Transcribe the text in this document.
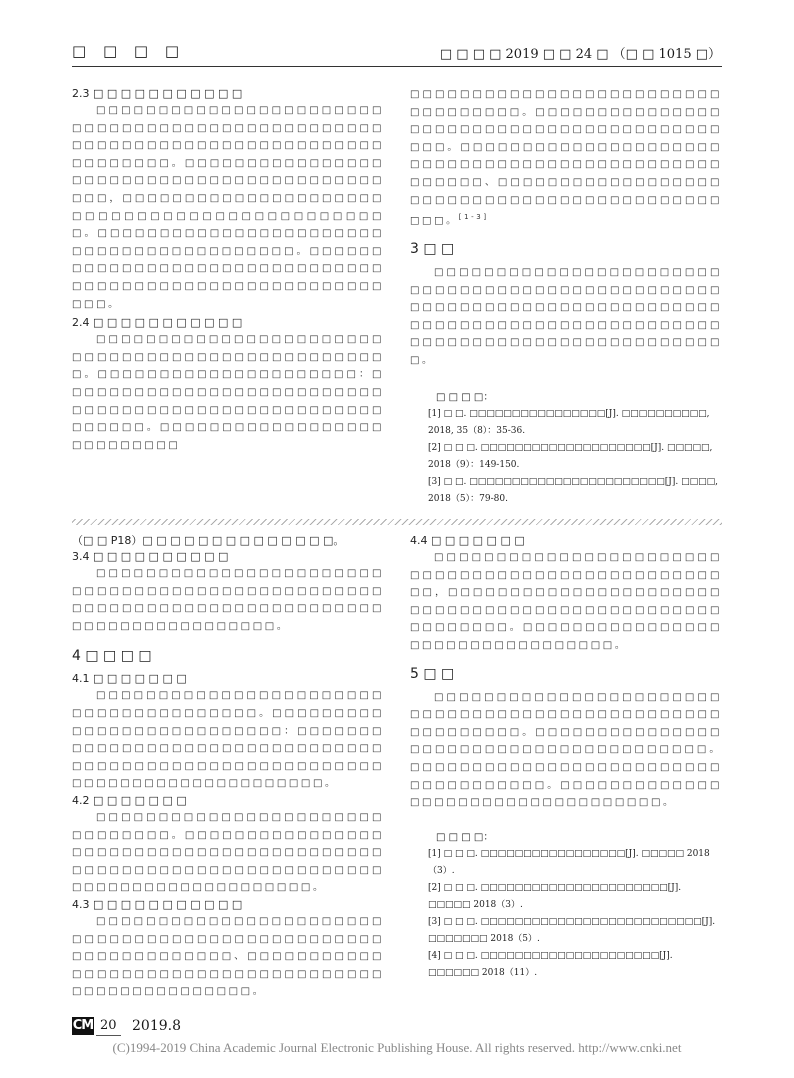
□ □ □ □	□ □ □ □ 2019 □ □ 24 □ （□ □ 1015 □）
2.3 □ □ □ □ □ □ □ □ □ □ □

□□□□□□□□□□□□□□□□□□□□□□□□□□□□□□□□□□□□□□□□□□□□□□□□□□□□□□□□□□□□□□□□□□□□□□□□□□□□□□□□□。□□□□□□□□□□□□□□□□□□□□□□□□□□□□□□□□□□□□□□□□□□□□，□□□□□□□□□□□□□□□□□□□□□□□□□□□□□□□□□□□□□□□□□□□□□□。□□□□□□□□□□□□□□□□□□□□□□□□□□□□□□□□□□□□□□□□□。□□□□□□□□□□□□□□□□□□□□□□□□□□□□□□□□□□□□□□□□□□□□□□□□□□□□□□□□□□□。

2.4 □ □ □ □ □ □ □ □ □ □ □

□□□□□□□□□□□□□□□□□□□□□□□□□□□□□□□□□□□□□□□□□□□□□□□□□。□□□□□□□□□□□□□□□□□□□□□：□□□□□□□□□□□□□□□□□□□□□□□□□□□□□□□□□□□□□□□□□□□□□□□□□□□□□□□□□。□□□□□□□□□□□□□□□□□□□□□□□□□□□

□□□□□□□□□□□□□□□□□□□□□□□□□□□□□□□□□□。□□□□□□□□□□□□□□□□□□□□□□□□□□□□□□□□□□□□□□□□□□□。□□□□□□□□□□□□□□□□□□□□□□□□□□□□□□□□□□□□□□□□□□□□□□□□□□□□、□□□□□□□□□□□□□□□□□□□□□□□□□□□□□□□□□□□□□□□□□□□□□□。[1-3]

3 □ □

□□□□□□□□□□□□□□□□□□□□□□□□□□□□□□□□□□□□□□□□□□□□□□□□□□□□□□□□□□□□□□□□□□□□□□□□□□□□□□□□□□□□□□□□□□□□□□□□□□□□□□□□□□□□□□□□□□□□□□□□□□□□。

□ □ □ □：
[1] □ □. □□□□□□□□□□□□□□□□[J]. □□□□□□□□□□, 2018, 35（8）：35-36.
[2] □ □ □. □□□□□□□□□□□□□□□□□□□□[J]. □□□□□, 2018（9）：149-150.
[3] □ □. □□□□□□□□□□□□□□□□□□□□□□□[J]. □□□□, 2018（5）：79-80.
（□ □ P18）□ □ □ □ □ □ □ □ □ □ □ □ □ □。
3.4 □ □ □ □ □ □ □ □ □ □

□□□□□□□□□□□□□□□□□□□□□□□□□□□□□□□□□□□□□□□□□□□□□□□□□□□□□□□□□□□□□□□□□□□□□□□□□□□□□□□□□□□□□□□□□□。

4 □ □ □ □
4.1 □ □ □ □ □ □ □

□□□□□□□□□□□□□□□□□□□□□□□□□□□□□□□□□□□□□□。□□□□□□□□□□□□□□□□□□□□□□□□□□：□□□□□□□□□□□□□□□□□□□□□□□□□□□□□□□□□□□□□□□□□□□□□□□□□□□□□□□□□□□□□□□□□□□□□□□□□□□□□□。

4.2 □ □ □ □ □ □ □

□□□□□□□□□□□□□□□□□□□□□□□□□□□□□□□。□□□□□□□□□□□□□□□□□□□□□□□□□□□□□□□□□□□□□□□□□□□□□□□□□□□□□□□□□□□□□□□□□□□□□□□□□□□□□□□□□□□□□□。

4.3 □ □ □ □ □ □ □ □ □ □ □

□□□□□□□□□□□□□□□□□□□□□□□□□□□□□□□□□□□□□□□□□□□□□□□□□□□□□□□□□□□□□、□□□□□□□□□□□□□□□□□□□□□□□□□□□□□□□□□□□□□□□□□□□□□□□□□□□。

4.4 □ □ □ □ □ □ □

□□□□□□□□□□□□□□□□□□□□□□□□□□□□□□□□□□□□□□□□□□□□□□□□□□，□□□□□□□□□□□□□□□□□□□□□□□□□□□□□□□□□□□□□□□□□□□□□□□□□□□□□□□。□□□□□□□□□□□□□□□□□□□□□□□□□□□□□□□□□。

5 □ □

□□□□□□□□□□□□□□□□□□□□□□□□□□□□□□□□□□□□□□□□□□□□□□□□□□□□□□□□□。□□□□□□□□□□□□□□□□□□□□□□□□□□□□□□□□□□□□□□□。□□□□□□□□□□□□□□□□□□□□□□□□□□□□□□□□□□□□。□□□□□□□□□□□□□□□□□□□□□□□□□□□□□□□□□□。

□ □ □ □：
[1] □ □ □. □□□□□□□□□□□□□□□□□[J]. □□□□□ 2018（3）.
[2] □ □ □. □□□□□□□□□□□□□□□□□□□□□□[J]. □□□□□ 2018（3）.
[3] □ □ □. □□□□□□□□□□□□□□□□□□□□□□□□□□[J]. □□□□□□□ 2018（5）.
[4] □ □ □. □□□□□□□□□□□□□□□□□□□□□[J]. □□□□□□ 2018（11）.
CM 20 2019.8
(C)1994-2019 China Academic Journal Electronic Publishing House. All rights reserved. http://www.cnki.net
